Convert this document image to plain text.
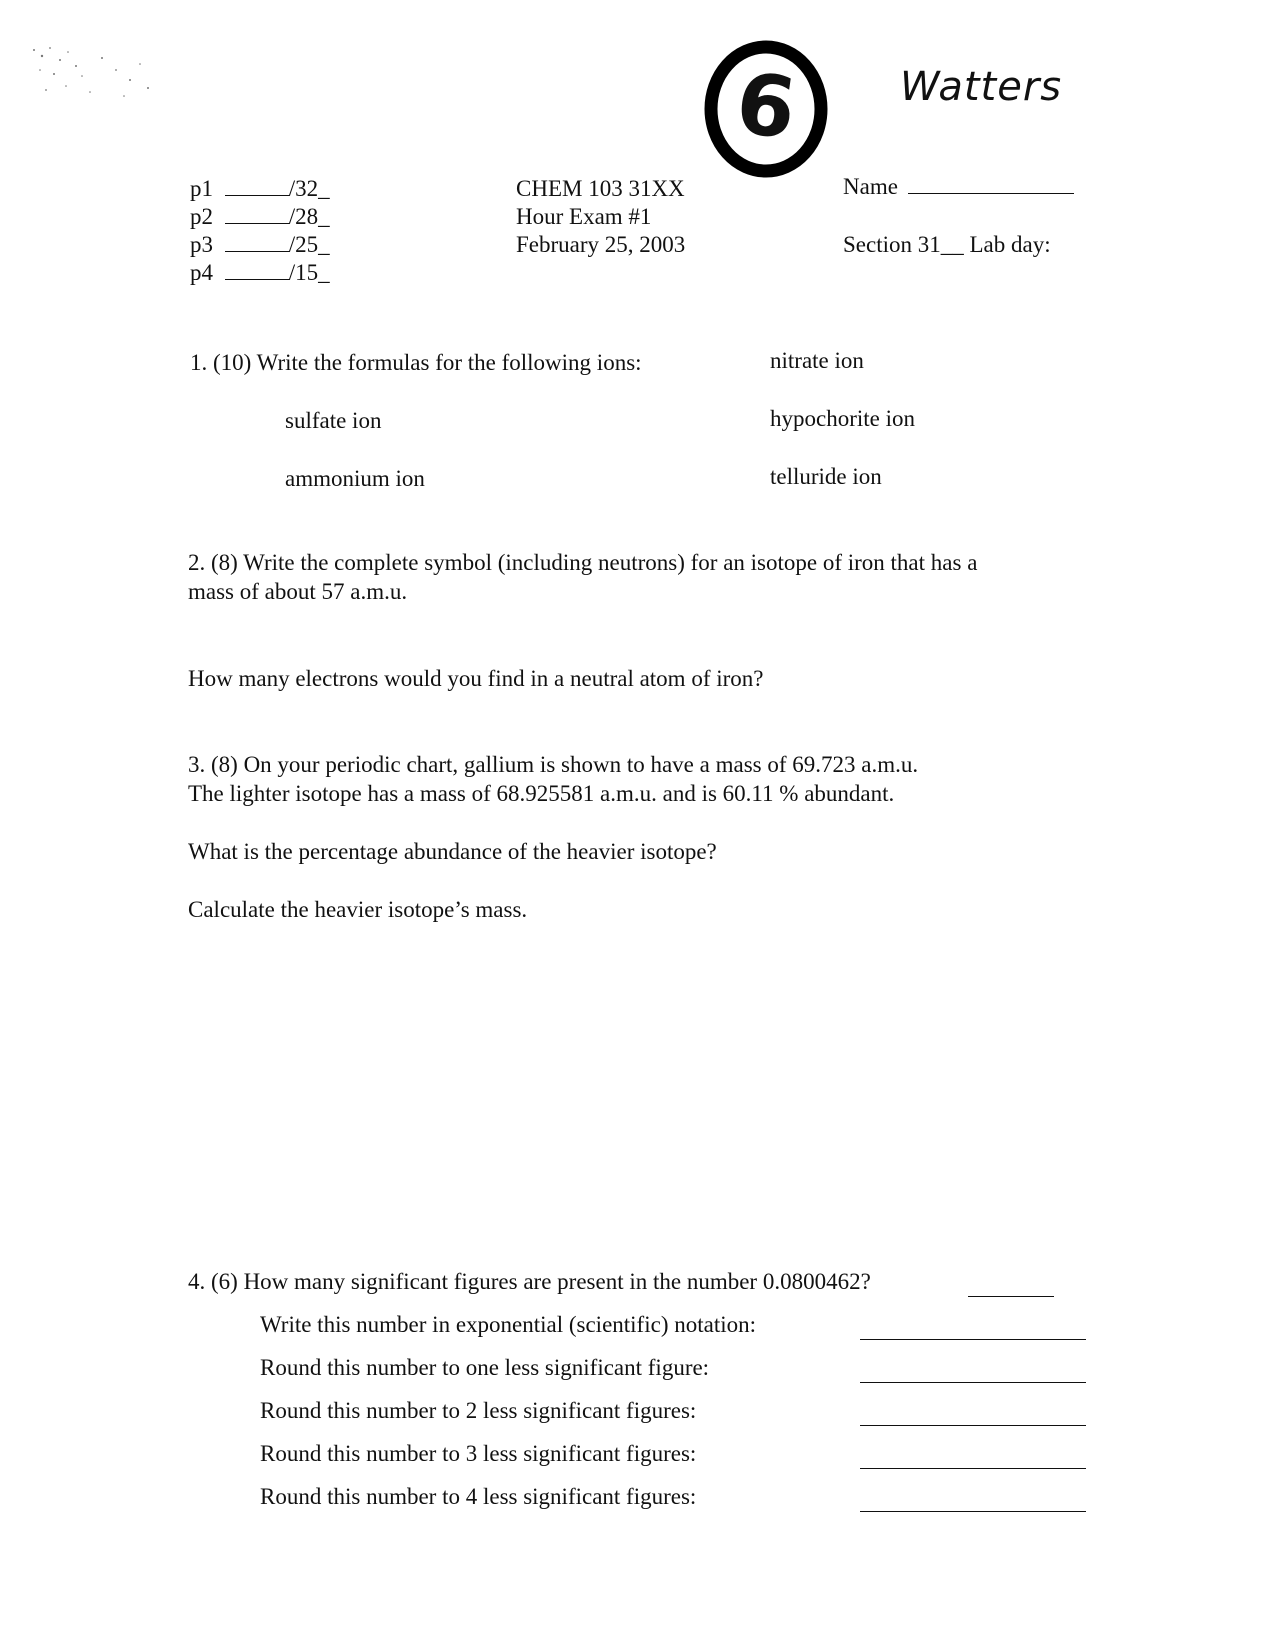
6	Watters
p1	/32_
p2	/28_
p3	/25_
p4	/15_
CHEM 103 31XX
Hour Exam #1
February 25, 2003
Name
Section 31__ Lab day:
1. (10) Write the formulas for the following ions:	nitrate ion
sulfate ion	hypochorite ion
ammonium ion	telluride ion
2. (8) Write the complete symbol (including neutrons) for an isotope of iron that has a
mass of about 57 a.m.u.
How many electrons would you find in a neutral atom of iron?
3. (8) On your periodic chart, gallium is shown to have a mass of 69.723 a.m.u.
The lighter isotope has a mass of 68.925581 a.m.u. and is 60.11 % abundant.
What is the percentage abundance of the heavier isotope?
Calculate the heavier isotope’s mass.
4. (6) How many significant figures are present in the number 0.0800462?
Write this number in exponential (scientific) notation:
Round this number to one less significant figure:
Round this number to 2 less significant figures:
Round this number to 3 less significant figures:
Round this number to 4 less significant figures:
